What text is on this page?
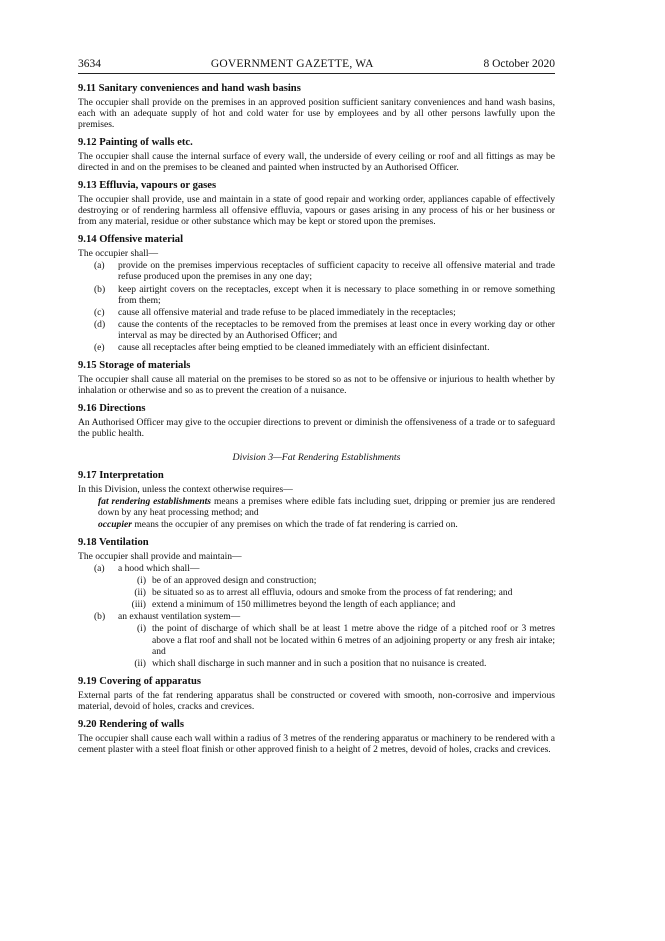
3634	GOVERNMENT GAZETTE, WA	8 October 2020
9.11 Sanitary conveniences and hand wash basins

The occupier shall provide on the premises in an approved position sufficient sanitary conveniences and hand wash basins, each with an adequate supply of hot and cold water for use by employees and by all other persons lawfully upon the premises.

9.12 Painting of walls etc.

The occupier shall cause the internal surface of every wall, the underside of every ceiling or roof and all fittings as may be directed in and on the premises to be cleaned and painted when instructed by an Authorised Officer.

9.13 Effluvia, vapours or gases

The occupier shall provide, use and maintain in a state of good repair and working order, appliances capable of effectively destroying or of rendering harmless all offensive effluvia, vapours or gases arising in any process of his or her business or from any material, residue or other substance which may be kept or stored upon the premises.

9.14 Offensive material

The occupier shall—

(a)	provide on the premises impervious receptacles of sufficient capacity to receive all offensive material and trade refuse produced upon the premises in any one day;
(b)	keep airtight covers on the receptacles, except when it is necessary to place something in or remove something from them;
(c)	cause all offensive material and trade refuse to be placed immediately in the receptacles;
(d)	cause the contents of the receptacles to be removed from the premises at least once in every working day or other interval as may be directed by an Authorised Officer; and
(e)	cause all receptacles after being emptied to be cleaned immediately with an efficient disinfectant.
9.15 Storage of materials

The occupier shall cause all material on the premises to be stored so as not to be offensive or injurious to health whether by inhalation or otherwise and so as to prevent the creation of a nuisance.

9.16 Directions

An Authorised Officer may give to the occupier directions to prevent or diminish the offensiveness of a trade or to safeguard the public health.

Division 3—Fat Rendering Establishments
9.17 Interpretation

In this Division, unless the context otherwise requires—

fat rendering establishments means a premises where edible fats including suet, dripping or premier jus are rendered down by any heat processing method; and

occupier means the occupier of any premises on which the trade of fat rendering is carried on.

9.18 Ventilation

The occupier shall provide and maintain—

(a)	a hood which shall—
(i) be of an approved design and construction;
(ii) be situated so as to arrest all effluvia, odours and smoke from the process of fat rendering; and
(iii) extend a minimum of 150 millimetres beyond the length of each appliance; and
(b)	an exhaust ventilation system—
(i) the point of discharge of which shall be at least 1 metre above the ridge of a pitched roof or 3 metres above a flat roof and shall not be located within 6 metres of an adjoining property or any fresh air intake; and
(ii) which shall discharge in such manner and in such a position that no nuisance is created.
9.19 Covering of apparatus

External parts of the fat rendering apparatus shall be constructed or covered with smooth, non-corrosive and impervious material, devoid of holes, cracks and crevices.

9.20 Rendering of walls

The occupier shall cause each wall within a radius of 3 metres of the rendering apparatus or machinery to be rendered with a cement plaster with a steel float finish or other approved finish to a height of 2 metres, devoid of holes, cracks and crevices.
